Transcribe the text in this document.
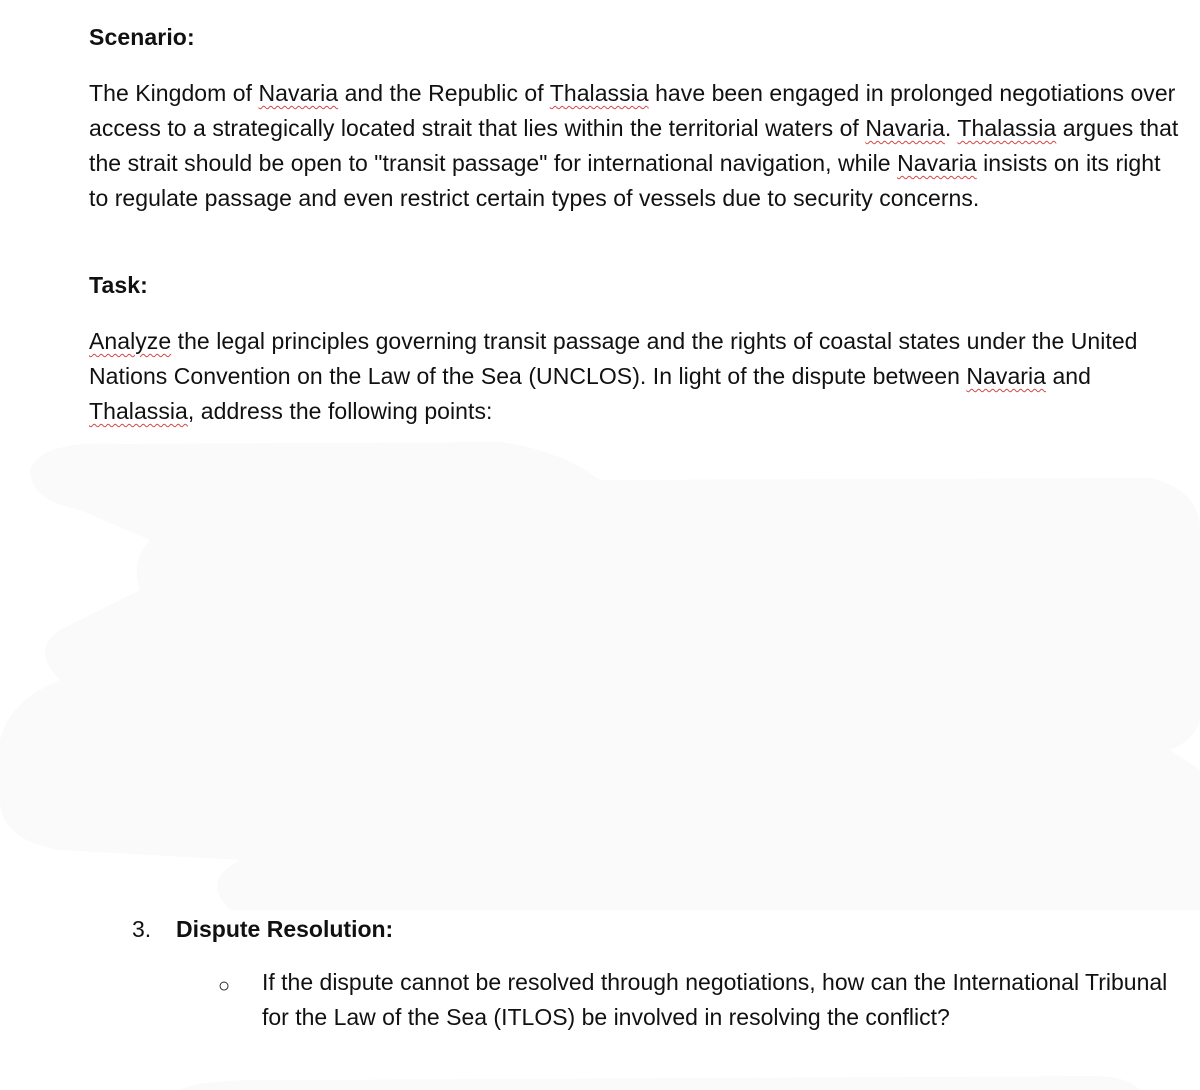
Scenario:

The Kingdom of Navaria and the Republic of Thalassia have been engaged in prolonged negotiations over access to a strategically located strait that lies within the territorial waters of Navaria. Thalassia argues that the strait should be open to "transit passage" for international navigation, while Navaria insists on its right to regulate passage and even restrict certain types of vessels due to security concerns.

Task:

Analyze the legal principles governing transit passage and the rights of coastal states under the United Nations Convention on the Law of the Sea (UNCLOS). In light of the dispute between Navaria and Thalassia, address the following points:

3. Dispute Resolution:
○ If the dispute cannot be resolved through negotiations, how can the International Tribunal for the Law of the Sea (ITLOS) be involved in resolving the conflict?
